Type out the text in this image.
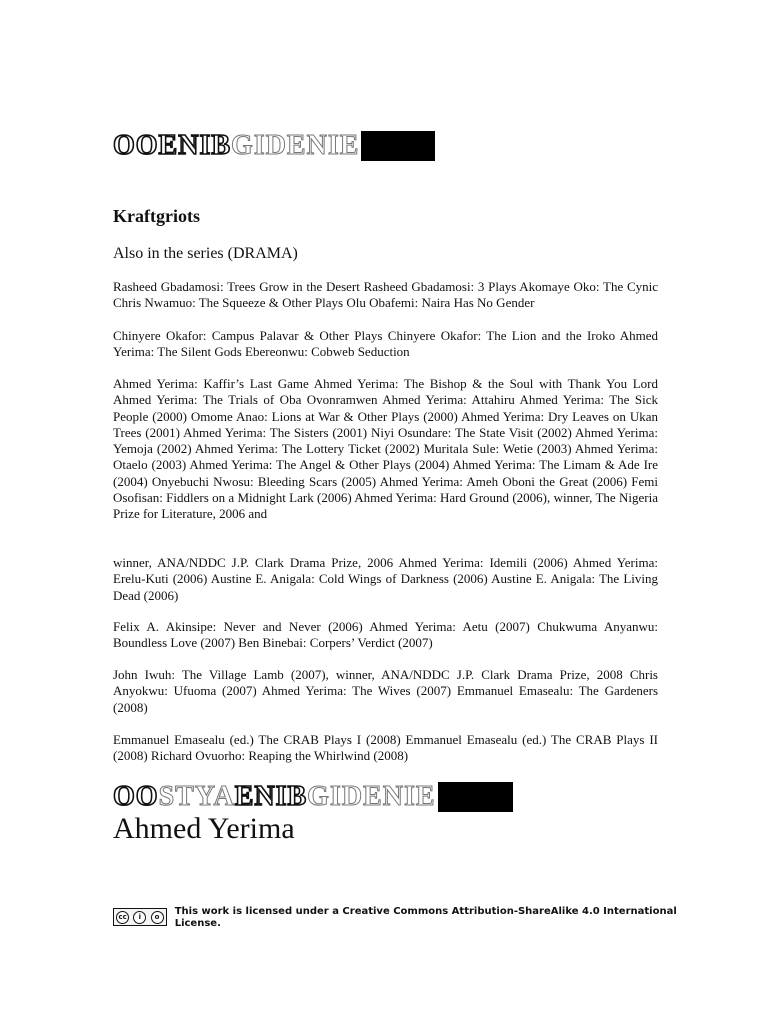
OOENIB GIDENIE
Kraftgriots

Also in the series (DRAMA)

Rasheed Gbadamosi: Trees Grow in the Desert Rasheed Gbadamosi: 3 Plays Akomaye Oko: The Cynic Chris Nwamuo: The Squeeze & Other Plays Olu Obafemi: Naira Has No Gender

Chinyere Okafor: Campus Palavar & Other Plays Chinyere Okafor: The Lion and the Iroko Ahmed Yerima: The Silent Gods Ebereonwu: Cobweb Seduction

Ahmed Yerima: Kaffir’s Last Game Ahmed Yerima: The Bishop & the Soul with Thank You Lord Ahmed Yerima: The Trials of Oba Ovonramwen Ahmed Yerima: Attahiru Ahmed Yerima: The Sick People (2000) Omome Anao: Lions at War & Other Plays (2000) Ahmed Yerima: Dry Leaves on Ukan Trees (2001) Ahmed Yerima: The Sisters (2001) Niyi Osundare: The State Visit (2002) Ahmed Yerima: Yemoja (2002) Ahmed Yerima: The Lottery Ticket (2002) Muritala Sule: Wetie (2003) Ahmed Yerima: Otaelo (2003) Ahmed Yerima: The Angel & Other Plays (2004) Ahmed Yerima: The Limam & Ade Ire (2004) Onyebuchi Nwosu: Bleeding Scars (2005) Ahmed Yerima: Ameh Oboni the Great (2006) Femi Osofisan: Fiddlers on a Midnight Lark (2006) Ahmed Yerima: Hard Ground (2006), winner, The Nigeria Prize for Literature, 2006 and

winner, ANA/NDDC J.P. Clark Drama Prize, 2006 Ahmed Yerima: Idemili (2006) Ahmed Yerima: Erelu-Kuti (2006) Austine E. Anigala: Cold Wings of Darkness (2006) Austine E. Anigala: The Living Dead (2006)

Felix A. Akinsipe: Never and Never (2006) Ahmed Yerima: Aetu (2007) Chukwuma Anyanwu: Boundless Love (2007) Ben Binebai: Corpers’ Verdict (2007)

John Iwuh: The Village Lamb (2007), winner, ANA/NDDC J.P. Clark Drama Prize, 2008 Chris Anyokwu: Ufuoma (2007) Ahmed Yerima: The Wives (2007) Emmanuel Emasealu: The Gardeners (2008)

Emmanuel Emasealu (ed.) The CRAB Plays I (2008) Emmanuel Emasealu (ed.) The CRAB Plays II (2008) Richard Ovuorho: Reaping the Whirlwind (2008)

OO STYA ENIB GIDENIE
Ahmed Yerima
cc	i	o	This work is licensed under a Creative Commons Attribution-ShareAlike 4.0 International License.
